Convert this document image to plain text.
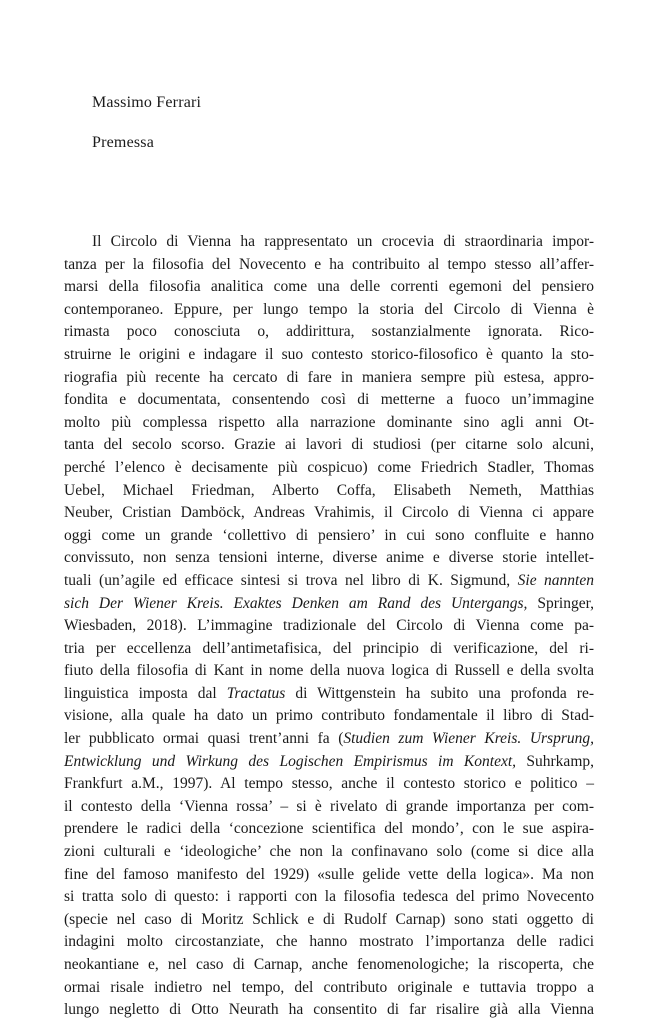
Massimo Ferrari
Premessa
Il Circolo di Vienna ha rappresentato un crocevia di straordinaria impor-
tanza per la filosofia del Novecento e ha contribuito al tempo stesso all’affer-
marsi della filosofia analitica come una delle correnti egemoni del pensiero
contemporaneo. Eppure, per lungo tempo la storia del Circolo di Vienna è
rimasta poco conosciuta o, addirittura, sostanzialmente ignorata. Rico-
struirne le origini e indagare il suo contesto storico-filosofico è quanto la sto-
riografia più recente ha cercato di fare in maniera sempre più estesa, appro-
fondita e documentata, consentendo così di metterne a fuoco un’immagine
molto più complessa rispetto alla narrazione dominante sino agli anni Ot-
tanta del secolo scorso. Grazie ai lavori di studiosi (per citarne solo alcuni,
perché l’elenco è decisamente più cospicuo) come Friedrich Stadler, Thomas
Uebel, Michael Friedman, Alberto Coffa, Elisabeth Nemeth, Matthias
Neuber, Cristian Damböck, Andreas Vrahimis, il Circolo di Vienna ci appare
oggi come un grande ‘collettivo di pensiero’ in cui sono confluite e hanno
convissuto, non senza tensioni interne, diverse anime e diverse storie intellet-
tuali (un’agile ed efficace sintesi si trova nel libro di K. Sigmund, Sie nannten
sich Der Wiener Kreis. Exaktes Denken am Rand des Untergangs, Springer,
Wiesbaden, 2018). L’immagine tradizionale del Circolo di Vienna come pa-
tria per eccellenza dell’antimetafisica, del principio di verificazione, del ri-
fiuto della filosofia di Kant in nome della nuova logica di Russell e della svolta
linguistica imposta dal Tractatus di Wittgenstein ha subito una profonda re-
visione, alla quale ha dato un primo contributo fondamentale il libro di Stad-
ler pubblicato ormai quasi trent’anni fa (Studien zum Wiener Kreis. Ursprung,
Entwicklung und Wirkung des Logischen Empirismus im Kontext, Suhrkamp,
Frankfurt a.M., 1997). Al tempo stesso, anche il contesto storico e politico –
il contesto della ‘Vienna rossa’ – si è rivelato di grande importanza per com-
prendere le radici della ‘concezione scientifica del mondo’, con le sue aspira-
zioni culturali e ‘ideologiche’ che non la confinavano solo (come si dice alla
fine del famoso manifesto del 1929) «sulle gelide vette della logica». Ma non
si tratta solo di questo: i rapporti con la filosofia tedesca del primo Novecento
(specie nel caso di Moritz Schlick e di Rudolf Carnap) sono stati oggetto di
indagini molto circostanziate, che hanno mostrato l’importanza delle radici
neokantiane e, nel caso di Carnap, anche fenomenologiche; la riscoperta, che
ormai risale indietro nel tempo, del contributo originale e tuttavia troppo a
lungo negletto di Otto Neurath ha consentito di far risalire già alla Vienna
